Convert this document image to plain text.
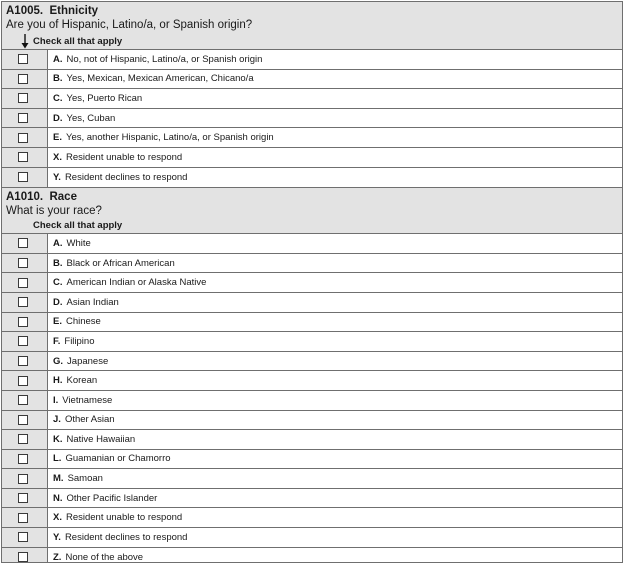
A1005. Ethnicity
Are you of Hispanic, Latino/a, or Spanish origin?
Check all that apply
A. No, not of Hispanic, Latino/a, or Spanish origin
B. Yes, Mexican, Mexican American, Chicano/a
C. Yes, Puerto Rican
D. Yes, Cuban
E. Yes, another Hispanic, Latino/a, or Spanish origin
X. Resident unable to respond
Y. Resident declines to respond
A1010. Race
What is your race?
Check all that apply
A. White
B. Black or African American
C. American Indian or Alaska Native
D. Asian Indian
E. Chinese
F. Filipino
G. Japanese
H. Korean
I. Vietnamese
J. Other Asian
K. Native Hawaiian
L. Guamanian or Chamorro
M. Samoan
N. Other Pacific Islander
X. Resident unable to respond
Y. Resident declines to respond
Z. None of the above
